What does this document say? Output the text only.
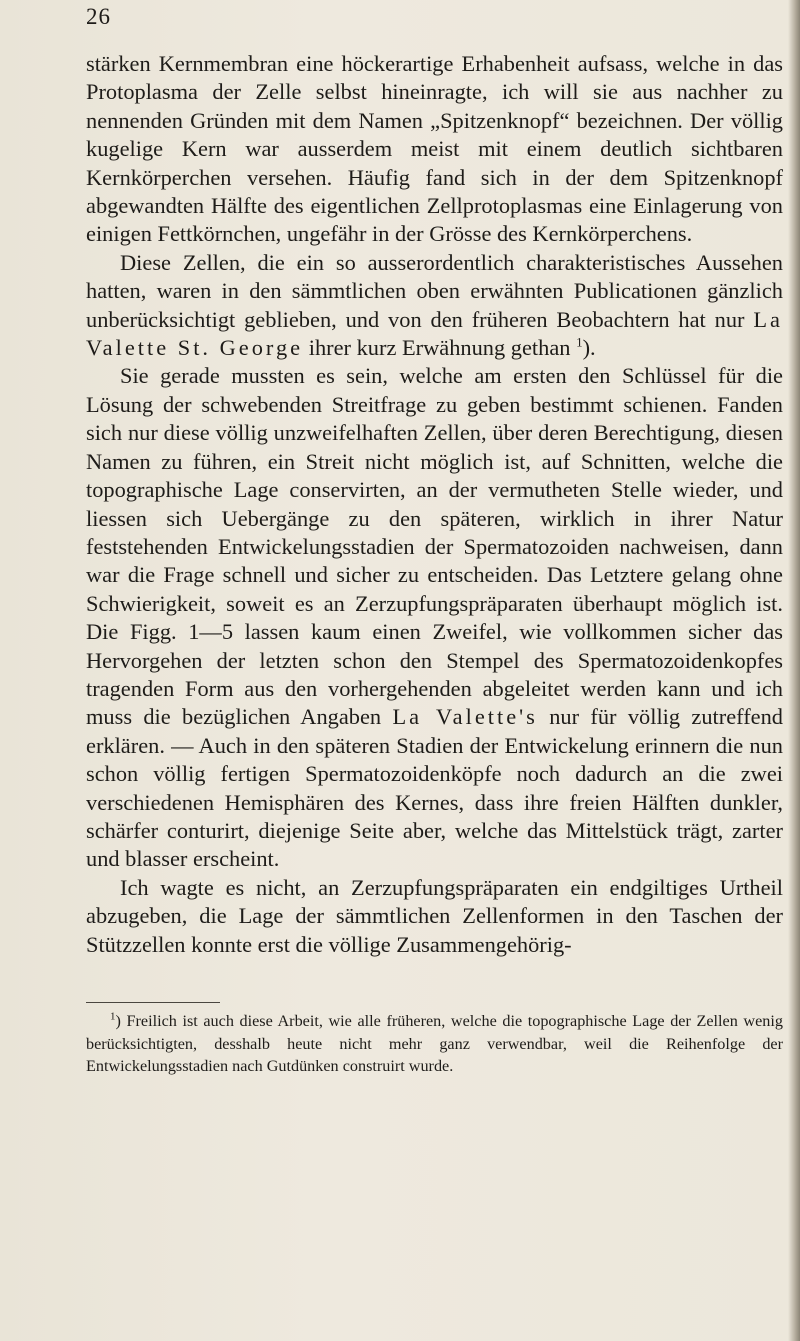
26

stärken Kernmembran eine höckerartige Erhabenheit aufsass, welche in das Protoplasma der Zelle selbst hineinragte, ich will sie aus nachher zu nennenden Gründen mit dem Namen „Spitzenknopf“ bezeichnen. Der völlig kugelige Kern war ausserdem meist mit einem deutlich sichtbaren Kernkörperchen versehen. Häufig fand sich in der dem Spitzenknopf abgewandten Hälfte des eigentlichen Zellprotoplasmas eine Einlagerung von einigen Fettkörnchen, ungefähr in der Grösse des Kernkörperchens.

Diese Zellen, die ein so ausserordentlich charakteristisches Aussehen hatten, waren in den sämmtlichen oben erwähnten Publicationen gänzlich unberücksichtigt geblieben, und von den früheren Beobachtern hat nur La Valette St. George ihrer kurz Erwähnung gethan $^1$).

Sie gerade mussten es sein, welche am ersten den Schlüssel für die Lösung der schwebenden Streitfrage zu geben bestimmt schienen. Fanden sich nur diese völlig unzweifelhaften Zellen, über deren Berechtigung, diesen Namen zu führen, ein Streit nicht möglich ist, auf Schnitten, welche die topographische Lage conservirten, an der vermutheten Stelle wieder, und liessen sich Uebergänge zu den späteren, wirklich in ihrer Natur feststehenden Entwickelungsstadien der Spermatozoiden nachweisen, dann war die Frage schnell und sicher zu entscheiden. Das Letztere gelang ohne Schwierigkeit, soweit es an Zerzupfungspräparaten überhaupt möglich ist. Die Figg. 1—5 lassen kaum einen Zweifel, wie vollkommen sicher das Hervorgehen der letzten schon den Stempel des Spermatozoidenkopfes tragenden Form aus den vorhergehenden abgeleitet werden kann und ich muss die bezüglichen Angaben La Valette's nur für völlig zutreffend erklären. — Auch in den späteren Stadien der Entwickelung erinnern die nun schon völlig fertigen Spermatozoidenköpfe noch dadurch an die zwei verschiedenen Hemisphären des Kernes, dass ihre freien Hälften dunkler, schärfer conturirt, diejenige Seite aber, welche das Mittelstück trägt, zarter und blasser erscheint.

Ich wagte es nicht, an Zerzupfungspräparaten ein endgiltiges Urtheil abzugeben, die Lage der sämmtlichen Zellenformen in den Taschen der Stützzellen konnte erst die völlige Zusammengehörig-

$^1$) Freilich ist auch diese Arbeit, wie alle früheren, welche die topographische Lage der Zellen wenig berücksichtigten, desshalb heute nicht mehr ganz verwendbar, weil die Reihenfolge der Entwickelungsstadien nach Gutdünken construirt wurde.
